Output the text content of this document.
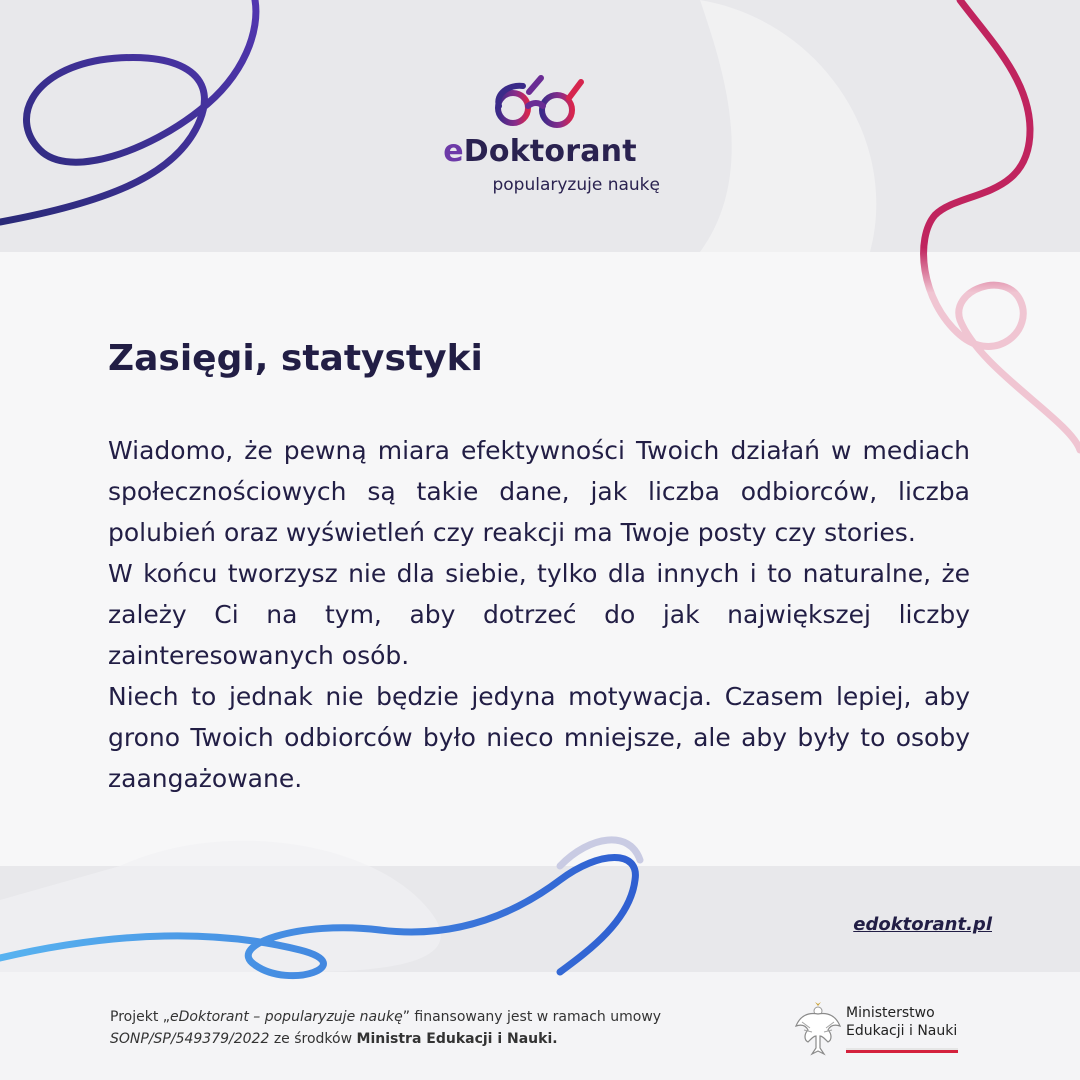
eDoktorant
popularyzuje naukę
Zasięgi, statystyki

Wiadomo, że pewną miara efektywności Twoich działań w mediach społecznościowych są takie dane, jak liczba odbiorców, liczba polubień oraz wyświetleń czy reakcji ma Twoje posty czy stories.

W końcu tworzysz nie dla siebie, tylko dla innych i to naturalne, że zależy Ci na tym, aby dotrzeć do jak największej liczby zainteresowanych osób.

Niech to jednak nie będzie jedyna motywacja. Czasem lepiej, aby grono Twoich odbiorców było nieco mniejsze, ale aby były to osoby zaangażowane.

edoktorant.pl
Projekt „eDoktorant – popularyzuje naukę” finansowany jest w ramach umowy
SONP/SP/549379/2022 ze środków Ministra Edukacji i Nauki.
Ministerstwo
Edukacji i Nauki
